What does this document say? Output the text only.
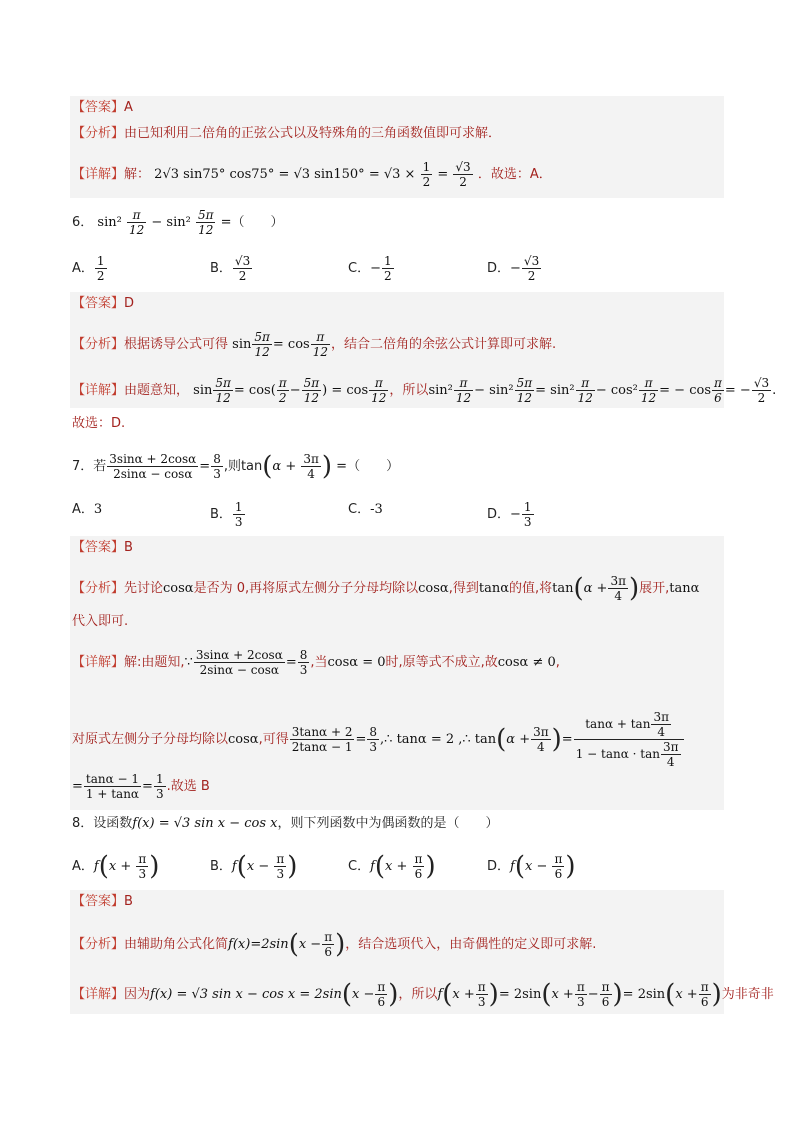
【答案】A
【分析】由已知利用二倍角的正弦公式以及特殊角的三角函数值即可求解．
【详解】解： 2√3 sin75° cos75° = √3 $\sin 150^\circ = √3 \times \frac{1}{2} = \frac{√3}{2}$ ．故选：A．
6． $\sin^2 \frac{\pi}{12} - \sin^2 \frac{5\pi}{12}$ =（　　）
A． $\frac{1}{2}$	B． $\frac{√3}{2}$	C．− $\frac{1}{2}$	D．− $\frac{√3}{2}$
【答案】D
【分析】根据诱导公式可得 $\sin \frac{5\pi}{12} = \cos \frac{\pi}{12}$ ，结合二倍角的余弦公式计算即可求解.
【详解】由题意知， $\sin \frac{5\pi}{12} = \cos( \frac{\pi}{2} - \frac{5\pi}{12}$ ) = $\cos \frac{\pi}{12}$ ，所以$\sin^2 \frac{\pi}{12} - \sin^2 \frac{5\pi}{12} = \sin^2 \frac{\pi}{12} - \cos^2 \frac{\pi}{12}$ = − $\cos \frac{\pi}{6}$ = − $\frac{√3}{2}$ .
故选：D.
7．若 $\frac{3\sin\alpha + 2\cos\alpha}{2\sin\alpha - \cos\alpha} = \frac{8}{3}$ ,则$\tan(\alpha + \frac{3\pi}{4}$ ) =（　　）
A．3	B． $\frac{1}{3}$	C．-3	D．− $\frac{1}{3}$
【答案】B
【分析】先讨论cosα是否为 0,再将原式左侧分子分母均除以cosα,得到tanα的值,将$\tan(\alpha + \frac{3\pi}{4}$ )展开,tanα
代入即可.
【详解】解:由题知,∵ $\frac{3\sin\alpha + 2\cos\alpha}{2\sin\alpha - \cos\alpha} = \frac{8}{3}$ ,当cosα = 0时,原等式不成立,故cosα ≠ 0,
对原式左侧分子分母均除以cosα,可得 $\frac{3\tan\alpha + 2}{2\tan\alpha - 1} = \frac{8}{3}$ ,∴ tanα = 2 ,∴ $\tan(\alpha + \frac{3\pi}{4}$ )= $\frac{\tan\alpha + \tan \frac{3\pi}{4}}{1 - \tan\alpha \cdot \tan \frac{3\pi}{4}}$
= $\frac{\tan\alpha - 1}{1 + \tan\alpha} = \frac{1}{3}$ .故选 B
8．设函数f(x) = √3 sin x − cos x，则下列函数中为偶函数的是（　　）
A．$f(x + \frac{\pi}{3}$ )	B．$f(x - \frac{\pi}{3}$ )	C．$f(x + \frac{\pi}{6}$ )	D．$f(x - \frac{\pi}{6}$ )
【答案】B
【分析】由辅助角公式化简$f(x)=2\sin(x - \frac{\pi}{6}$ )，结合选项代入，由奇偶性的定义即可求解.
【详解】因为f(x) = √3 $\sin x - \cos x = 2\sin(x - \frac{\pi}{6}$ )，所以$f(x + \frac{\pi}{3}$ )= $2\sin(x + \frac{\pi}{3} - \frac{\pi}{6}$ )= $2\sin(x + \frac{\pi}{6}$ )为非奇非
